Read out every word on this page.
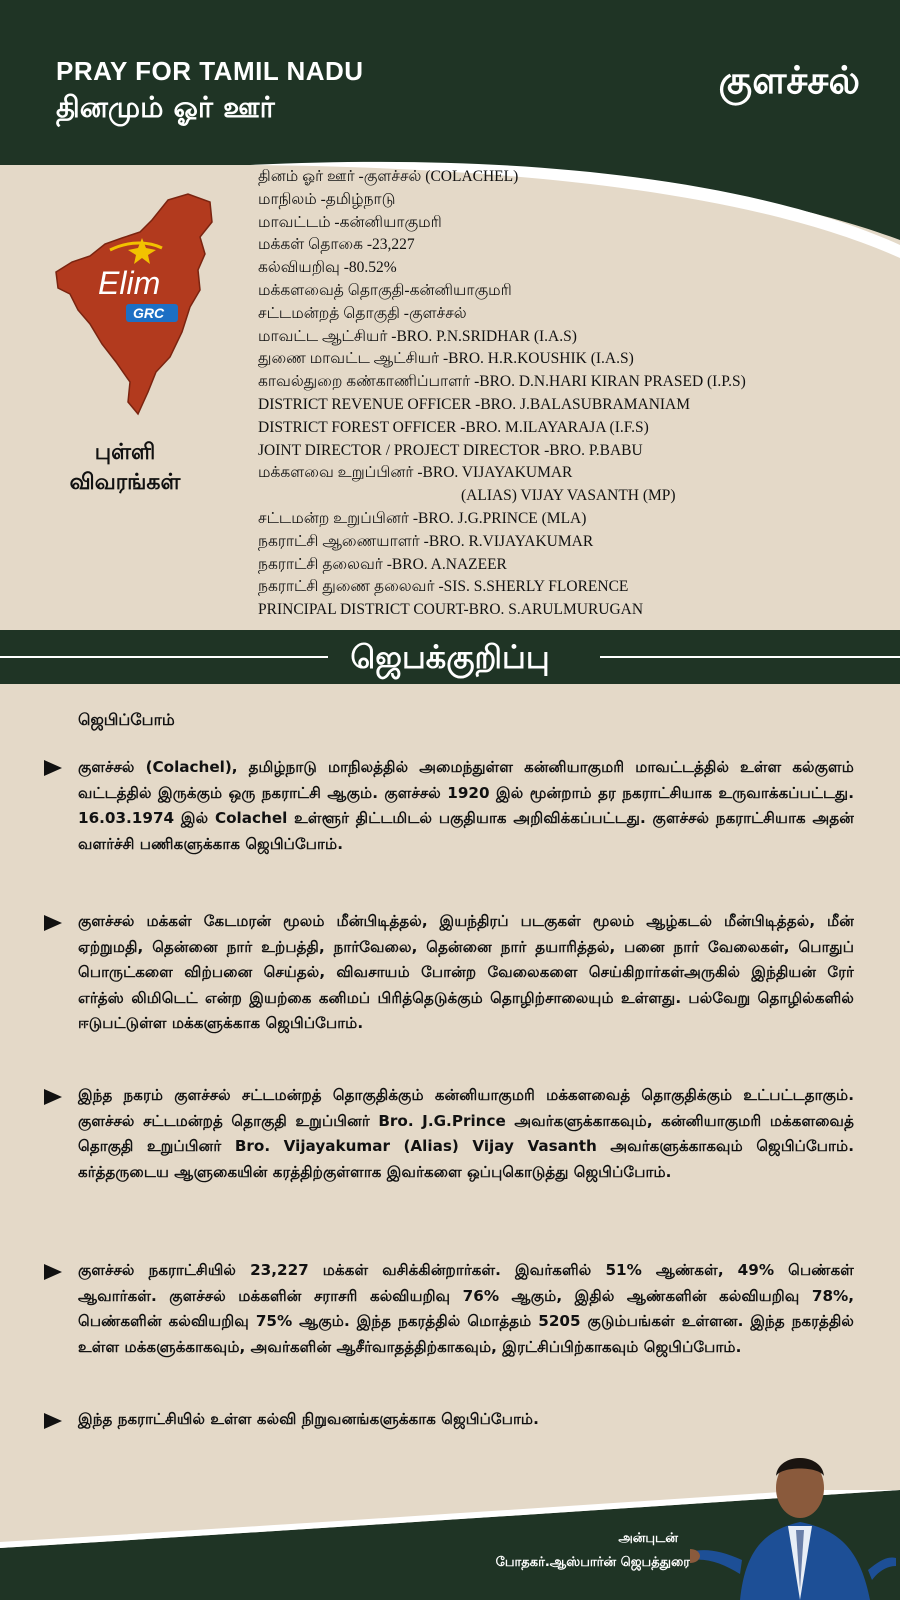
PRAY FOR TAMIL NADU
தினமும் ஓர் ஊர்
குளச்சல்
Elim
GRC
புள்ளி
விவரங்கள்
தினம் ஓர் ஊர் -குளச்சல் (COLACHEL)
மாநிலம் -தமிழ்நாடு
மாவட்டம் -கன்னியாகுமரி
மக்கள் தொகை -23,227
கல்வியறிவு -80.52%
மக்களவைத் தொகுதி-கன்னியாகுமரி
சட்டமன்றத் தொகுதி -குளச்சல்
மாவட்ட ஆட்சியர் -BRO. P.N.SRIDHAR (I.A.S)
துணை மாவட்ட ஆட்சியர் -BRO. H.R.KOUSHIK (I.A.S)
காவல்துறை கண்காணிப்பாளர் -BRO. D.N.HARI KIRAN PRASED (I.P.S)
DISTRICT REVENUE OFFICER -BRO. J.BALASUBRAMANIAM
DISTRICT FOREST OFFICER -BRO. M.ILAYARAJA (I.F.S)
JOINT DIRECTOR / PROJECT DIRECTOR -BRO. P.BABU
மக்களவை உறுப்பினர் -BRO. VIJAYAKUMAR
(ALIAS) VIJAY VASANTH (MP)
சட்டமன்ற உறுப்பினர் -BRO. J.G.PRINCE (MLA)
நகராட்சி ஆணையாளர் -BRO. R.VIJAYAKUMAR
நகராட்சி தலைவர் -BRO. A.NAZEER
நகராட்சி துணை தலைவர் -SIS. S.SHERLY FLORENCE
PRINCIPAL DISTRICT COURT-BRO. S.ARULMURUGAN
ஜெபக்குறிப்பு
ஜெபிப்போம்
குளச்சல் (Colachel), தமிழ்நாடு மாநிலத்தில் அமைந்துள்ள கன்னியாகுமரி மாவட்டத்தில் உள்ள கல்குளம் வட்டத்தில் இருக்கும் ஒரு நகராட்சி ஆகும். குளச்சல் 1920 இல் மூன்றாம் தர நகராட்சியாக உருவாக்கப்பட்டது. 16.03.1974 இல் Colachel உள்ளூர் திட்டமிடல் பகுதியாக அறிவிக்கப்பட்டது. குளச்சல் நகராட்சியாக அதன் வளர்ச்சி பணிகளுக்காக ஜெபிப்போம்.
குளச்சல் மக்கள் கேடமரன் மூலம் மீன்பிடித்தல், இயந்திரப் படகுகள் மூலம் ஆழ்கடல் மீன்பிடித்தல், மீன் ஏற்றுமதி, தென்னை நார் உற்பத்தி, நார்வேலை, தென்னை நார் தயாரித்தல், பனை நார் வேலைகள், பொதுப் பொருட்களை விற்பனை செய்தல், விவசாயம் போன்ற வேலைகளை செய்கிறார்கள்அருகில் இந்தியன் ரேர் எர்த்ஸ் லிமிடெட் என்ற இயற்கை கனிமப் பிரித்தெடுக்கும் தொழிற்சாலையும் உள்ளது. பல்வேறு தொழில்களில் ஈடுபட்டுள்ள மக்களுக்காக ஜெபிப்போம்.
இந்த நகரம் குளச்சல் சட்டமன்றத் தொகுதிக்கும் கன்னியாகுமரி மக்களவைத் தொகுதிக்கும் உட்பட்டதாகும். குளச்சல் சட்டமன்றத் தொகுதி உறுப்பினர் Bro. J.G.Prince அவர்களுக்காகவும், கன்னியாகுமரி மக்களவைத் தொகுதி உறுப்பினர் Bro. Vijayakumar (Alias) Vijay Vasanth அவர்களுக்காகவும் ஜெபிப்போம். கர்த்தருடைய ஆளுகையின் கரத்திற்குள்ளாக இவர்களை ஒப்புகொடுத்து ஜெபிப்போம்.
குளச்சல் நகராட்சியில் 23,227 மக்கள் வசிக்கின்றார்கள். இவர்களில் 51% ஆண்கள், 49% பெண்கள் ஆவார்கள். குளச்சல் மக்களின் சராசரி கல்வியறிவு 76% ஆகும், இதில் ஆண்களின் கல்வியறிவு 78%, பெண்களின் கல்வியறிவு 75% ஆகும். இந்த நகரத்தில் மொத்தம் 5205 குடும்பங்கள் உள்ளன. இந்த நகரத்தில் உள்ள மக்களுக்காகவும், அவர்களின் ஆசீர்வாதத்திற்காகவும், இரட்சிப்பிற்காகவும் ஜெபிப்போம்.
இந்த நகராட்சியில் உள்ள கல்வி நிறுவனங்களுக்காக ஜெபிப்போம்.
அன்புடன்
போதகர்.ஆஸ்பார்ன் ஜெபத்துரை
